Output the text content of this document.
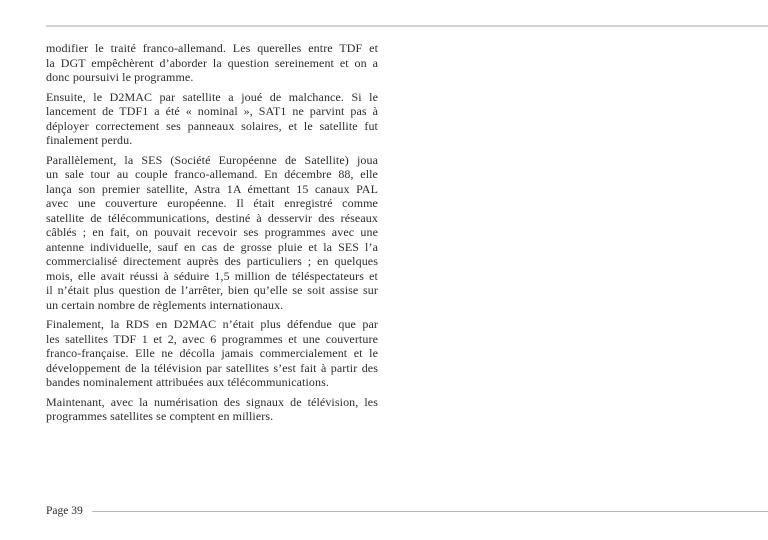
modifier le traité franco-allemand. Les querelles entre TDF et
la DGT empêchèrent d’aborder la question sereinement et on a
donc poursuivi le programme.

Ensuite, le D2MAC par satellite a joué de malchance. Si le
lancement de TDF1 a été « nominal », SAT1 ne parvint pas à
déployer correctement ses panneaux solaires, et le satellite fut
finalement perdu.

Parallèlement, la SES (Société Européenne de Satellite) joua
un sale tour au couple franco-allemand. En décembre 88, elle
lança son premier satellite, Astra 1A émettant 15 canaux PAL
avec une couverture européenne. Il était enregistré comme
satellite de télécommunications, destiné à desservir des réseaux
câblés ; en fait, on pouvait recevoir ses programmes avec une
antenne individuelle, sauf en cas de grosse pluie et la SES l’a
commercialisé directement auprès des particuliers ; en quelques
mois, elle avait réussi à séduire 1,5 million de téléspectateurs et
il n’était plus question de l’arrêter, bien qu’elle se soit assise sur
un certain nombre de règlements internationaux.

Finalement, la RDS en D2MAC n’était plus défendue que par
les satellites TDF 1 et 2, avec 6 programmes et une couverture
franco-française. Elle ne décolla jamais commercialement et le
développement de la télévision par satellites s’est fait à partir des
bandes nominalement attribuées aux télécommunications.

Maintenant, avec la numérisation des signaux de télévision, les
programmes satellites se comptent en milliers.

Page 39
